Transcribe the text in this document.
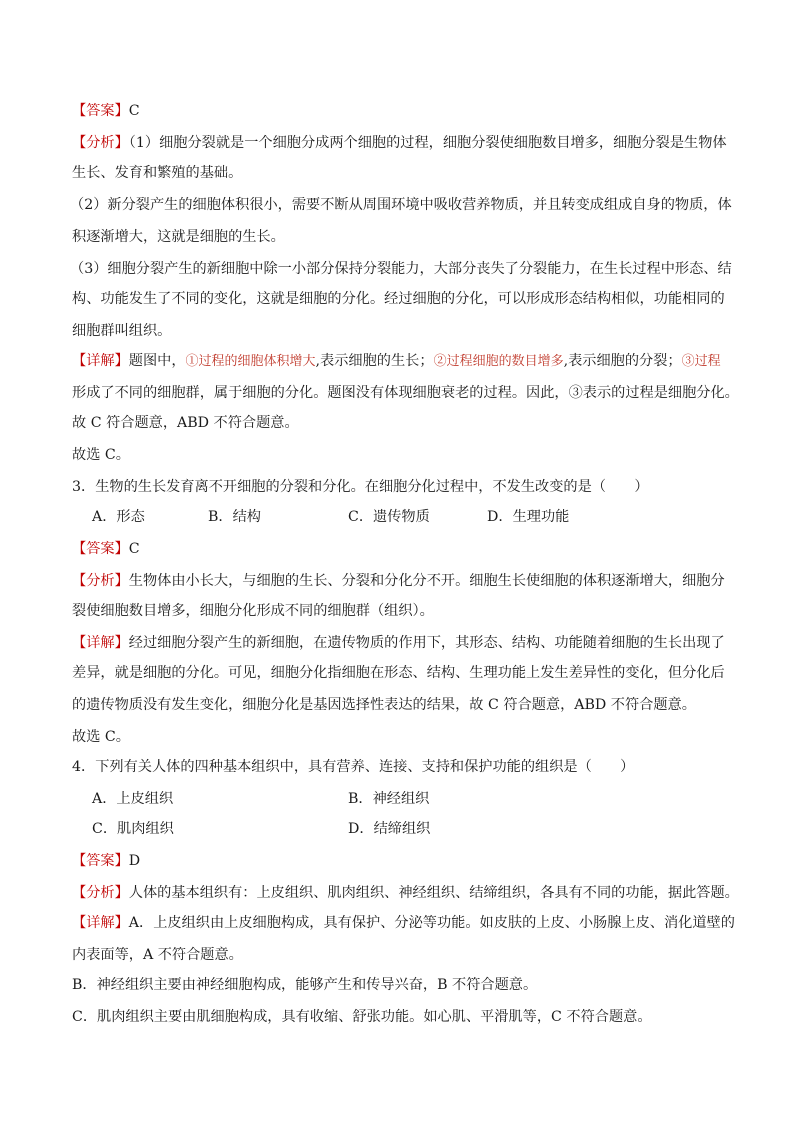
【答案】C
【分析】（1）细胞分裂就是一个细胞分成两个细胞的过程，细胞分裂使细胞数目增多，细胞分裂是生物体
生长、发育和繁殖的基础。
（2）新分裂产生的细胞体积很小，需要不断从周围环境中吸收营养物质，并且转变成组成自身的物质，体
积逐渐增大，这就是细胞的生长。
（3）细胞分裂产生的新细胞中除一小部分保持分裂能力，大部分丧失了分裂能力，在生长过程中形态、结
构、功能发生了不同的变化，这就是细胞的分化。经过细胞的分化，可以形成形态结构相似，功能相同的
细胞群叫组织。
【详解】题图中，①过程的细胞体积增大,表示细胞的生长；②过程细胞的数目增多,表示细胞的分裂；③过程
形成了不同的细胞群，属于细胞的分化。题图没有体现细胞衰老的过程。因此，③表示的过程是细胞分化。
故 C 符合题意，ABD 不符合题意。
故选 C。
3．生物的生长发育离不开细胞的分裂和分化。在细胞分化过程中，不发生改变的是（　　）
A．形态	B．结构	C．遗传物质	D．生理功能
【答案】C
【分析】生物体由小长大，与细胞的生长、分裂和分化分不开。细胞生长使细胞的体积逐渐增大，细胞分
裂使细胞数目增多，细胞分化形成不同的细胞群（组织）。
【详解】经过细胞分裂产生的新细胞，在遗传物质的作用下，其形态、结构、功能随着细胞的生长出现了
差异，就是细胞的分化。可见，细胞分化指细胞在形态、结构、生理功能上发生差异性的变化，但分化后
的遗传物质没有发生变化，细胞分化是基因选择性表达的结果，故 C 符合题意，ABD 不符合题意。
故选 C。
4．下列有关人体的四种基本组织中，具有营养、连接、支持和保护功能的组织是（　　）
A．上皮组织	B．神经组织
C．肌肉组织	D．结缔组织
【答案】D
【分析】人体的基本组织有：上皮组织、肌肉组织、神经组织、结缔组织，各具有不同的功能，据此答题。
【详解】A．上皮组织由上皮细胞构成，具有保护、分泌等功能。如皮肤的上皮、小肠腺上皮、消化道壁的
内表面等，A 不符合题意。
B．神经组织主要由神经细胞构成，能够产生和传导兴奋，B 不符合题意。
C．肌肉组织主要由肌细胞构成，具有收缩、舒张功能。如心肌、平滑肌等，C 不符合题意。
